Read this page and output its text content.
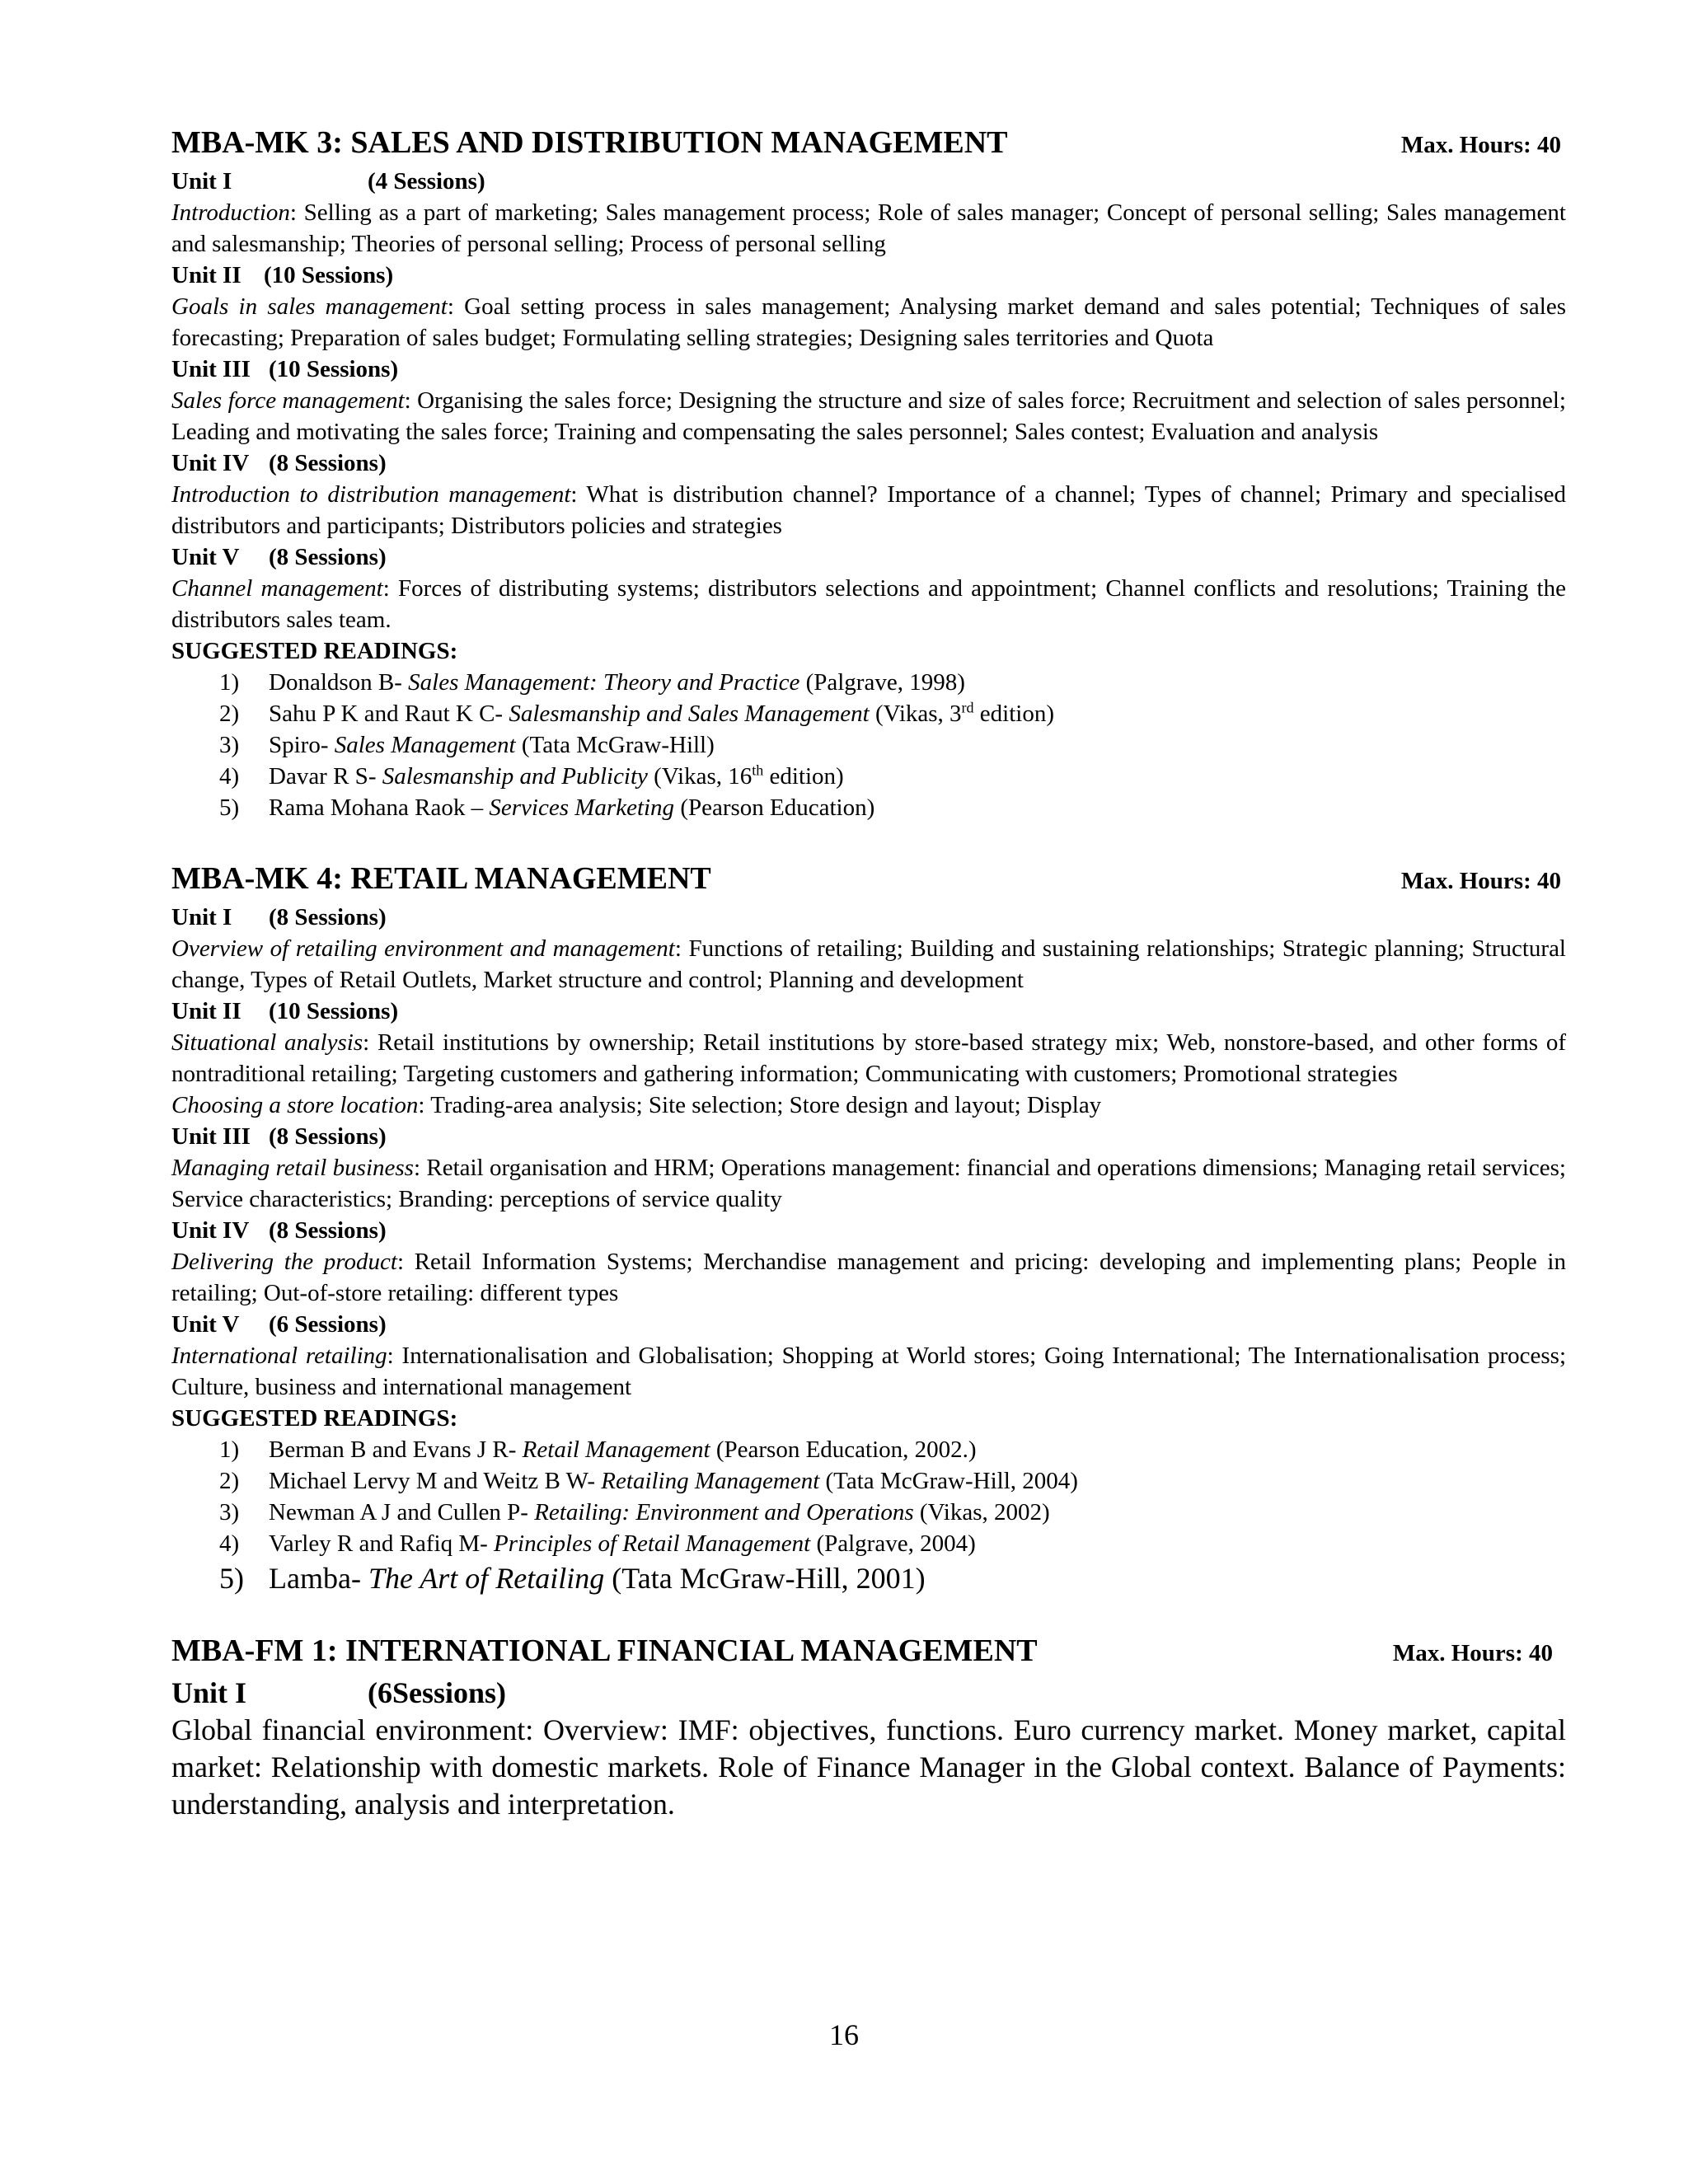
MBA-MK 3: SALES AND DISTRIBUTION MANAGEMENT	Max. Hours: 40
Unit I	(4 Sessions)
Introduction: Selling as a part of marketing; Sales management process; Role of sales manager; Concept of personal selling; Sales management and salesmanship; Theories of personal selling; Process of personal selling
Unit II (10 Sessions)
Goals in sales management: Goal setting process in sales management; Analysing market demand and sales potential; Techniques of sales forecasting; Preparation of sales budget; Formulating selling strategies; Designing sales territories and Quota
Unit III (10 Sessions)
Sales force management: Organising the sales force; Designing the structure and size of sales force; Recruitment and selection of sales personnel; Leading and motivating the sales force; Training and compensating the sales personnel; Sales contest; Evaluation and analysis
Unit IV (8 Sessions)
Introduction to distribution management: What is distribution channel? Importance of a channel; Types of channel; Primary and specialised distributors and participants; Distributors policies and strategies
Unit V (8 Sessions)
Channel management: Forces of distributing systems; distributors selections and appointment; Channel conflicts and resolutions; Training the distributors sales team.
SUGGESTED READINGS:
1) Donaldson B- Sales Management: Theory and Practice (Palgrave, 1998)
2) Sahu P K and Raut K C- Salesmanship and Sales Management (Vikas, 3rd edition)
3) Spiro- Sales Management (Tata McGraw-Hill)
4) Davar R S- Salesmanship and Publicity (Vikas, 16th edition)
5) Rama Mohana Raok – Services Marketing (Pearson Education)
MBA-MK 4: RETAIL MANAGEMENT	Max. Hours: 40
Unit I (8 Sessions)
Overview of retailing environment and management: Functions of retailing; Building and sustaining relationships; Strategic planning; Structural change, Types of Retail Outlets, Market structure and control; Planning and development
Unit II (10 Sessions)
Situational analysis: Retail institutions by ownership; Retail institutions by store-based strategy mix; Web, nonstore-based, and other forms of nontraditional retailing; Targeting customers and gathering information; Communicating with customers; Promotional strategies
Choosing a store location: Trading-area analysis; Site selection; Store design and layout; Display
Unit III (8 Sessions)
Managing retail business: Retail organisation and HRM; Operations management: financial and operations dimensions; Managing retail services; Service characteristics; Branding: perceptions of service quality
Unit IV (8 Sessions)
Delivering the product: Retail Information Systems; Merchandise management and pricing: developing and implementing plans; People in retailing; Out-of-store retailing: different types
Unit V (6 Sessions)
International retailing: Internationalisation and Globalisation; Shopping at World stores; Going International; The Internationalisation process; Culture, business and international management
SUGGESTED READINGS:
1) Berman B and Evans J R- Retail Management (Pearson Education, 2002.)
2) Michael Lervy M and Weitz B W- Retailing Management (Tata McGraw-Hill, 2004)
3) Newman A J and Cullen P- Retailing: Environment and Operations (Vikas, 2002)
4) Varley R and Rafiq M- Principles of Retail Management (Palgrave, 2004)
5) Lamba- The Art of Retailing (Tata McGraw-Hill, 2001)
MBA-FM 1: INTERNATIONAL FINANCIAL MANAGEMENT	Max. Hours: 40
Unit I	(6Sessions)
Global financial environment: Overview: IMF: objectives, functions. Euro currency market. Money market, capital market: Relationship with domestic markets. Role of Finance Manager in the Global context. Balance of Payments: understanding, analysis and interpretation.
16
